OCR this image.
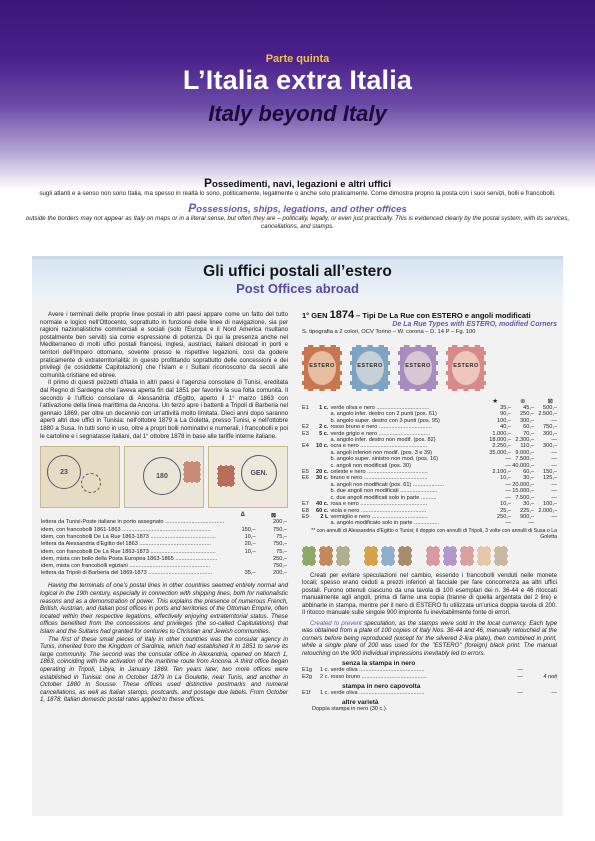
Parte quinta
L’Italia extra Italia
Italy beyond Italy
Possedimenti, navi, legazioni e altri uffici

sugli atlanti e a senso non sono Italia, ma spesso in realtà lo sono, politicamente, legalmente o anche solo praticamente. Come dimostra proprio la posta con i suoi servizi, bolli e francobolli.

Possessions, ships, legations, and other offices

outside the borders may not appear as Italy on maps or in a literal sense, but often they are – politically, legally, or even just practically. This is evidenced clearly by the postal system, with its services, cancellations, and stamps.

Gli uffici postali all’estero
Post Offices abroad

Avere i terminali delle proprie linee postali in altri paesi appare come un fatto del tutto normale e logico nell'Ottocento, soprattutto in funzione delle linee di navigazione, sia per ragioni nazionalistiche commerciali e sociali (solo l'Europa e il Nord America risultano postalmente ben serviti) sia come espressione di potenza. Di qui la presenza anche nel Mediterraneo di molti uffici postali francesi, inglesi, austriaci, italiani dislocati in porti e territori dell'Impero ottomano, sovente presso le rispettive legazioni, così da godere praticamente di extraterritorialità: in questo profittando soprattutto delle concessioni e dei privilegi (le cosiddette Capitolazioni) che l'Islam e i Sultani riconoscono da secoli alle comunità cristiane ed ebree.

Il primo di questi pezzetti d'Italia in altri paesi è l'agenzia consolare di Tunisi, ereditata dal Regno di Sardegna che l'aveva aperta fin dal 1851 per favorire la sua folta comunità. Il secondo è l'ufficio consolare di Alessandria d'Egitto, aperto il 1° marzo 1863 con l'attivazione della linea marittima da Ancona. Un terzo apre i battenti a Tripoli di Barberia nel gennaio 1869, per oltre un decennio con un'attività molto limitata. Dieci anni dopo saranno aperti altri due uffici in Tunisia: nell'ottobre 1879 a La Goletta, presso Tunisi, e nell'ottobre 1880 a Susa. In tutti sono in uso, oltre a propri bolli nominativi e numerali, i francobolli e poi le cartoline e i segnatasse italiani, dal 1° ottobre 1878 in base alle tariffe interne italiane.

23
180	GEN.
Δ	⊠
lettera da Tunisi-Poste italiane in porto assegnato ......................................		200,–
idem, con francobolli 1861-1863 .........................................................	150,–	750,–
idem, con francobolli De La Rue 1863-1873 ..........................................	10,–	75,–
lettera da Alessandria d'Egitto del 1863 ..............................................	20,–	750,–
idem, con francobolli De La Rue 1863-1873 ..........................................	10,–	75,–
idem, mista con bollo della Posta Europea 1863-1865 ...........................		250,–
idem, mista con francobolli egiziani ....................................................		750,–
lettera da Tripoli di Barberia del 1869-1873 .........................................	35,–	200,–

Having the terminals of one's postal lines in other countries seemed entirely normal and logical in the 19th century, especially in connection with shipping lines, both for nationalistic reasons and as a demonstration of power. This explains the presence of numerous French, British, Austrian, and Italian post offices in ports and territories of the Ottoman Empire, often located within their respective legations, effectively enjoying extraterritorial status. These offices benefited from the concessions and privileges (the so-called Capitulations) that Islam and the Sultans had granted for centuries to Christian and Jewish communities.

The first of these small pieces of Italy in other countries was the consular agency in Tunis, inherited from the Kingdom of Sardinia, which had established it in 1851 to serve its large community. The second was the consular office in Alexandria, opened on March 1, 1863, coinciding with the activation of the maritime route from Ancona. A third office began operating in Tripoli, Libya, in January 1869. Ten years later, two more offices were established in Tunisia: one in October 1879 in La Goulette, near Tunis, and another in October 1880 in Sousse. These offices used distinctive postmarks and numeral cancellations, as well as Italian stamps, postcards, and postage due labels. From October 1, 1878, Italian domestic postal rates applied to these offices.

1° GEN 1874 – Tipi De La Rue con ESTERO e angoli modificati
De La Rue Types with ESTERO, modified Corners
S. tipografia a 2 colori, OCV Torino – W. corona – D. 14 P – Fg. 100
ESTERO	ESTERO	ESTERO	ESTERO
★	⊛	⊠
E1	1 c.	verde oliva e nero ..................................	35,–	45,–	500,–
		a. angolo infer. destro con 2 punti (pos. 61)	90,–	250,–	2.500,–
		b. angolo super. destro con 3 punti (pos. 95)	100,–	300,–	—
E2	2 c.	rosso bruno e nero ..................................	40,–	60,–	750,–
E3	5 c.	verde grigio e nero .................................	1.000,–	70,–	300,–
		a. angolo infer. destro non modif. (pos. 82)	18.000,–	2.300,–	—
E4	10 c.	ocra e nero ...........................................	2.250,–	110,–	300,–
		a. angoli inferiori non modif. (pos. 3 e 39)	35.000,–	9.000,–	—
		b. angolo super. sinistro non mod. (pos. 16)	—	7.500,–	—
		c. angoli non modificati (pos. 30)	—	40.000,–	—
E5	20 c.	celeste e nero .......................................	2.100,–	60,–	150,–
E6	30 c.	bruno e nero .........................................	10,–	30,–	125,–
		a. angoli non modificati (pos. 61) ....................	—	20.000,–	—
		b. due angoli non modificati ........................	—	15.000,–	—
		c. due angoli modificati solo in parte ..........	—	7.500,–	—
E7	40 c.	rosa e nero ...........................................	10,–	30,–	100,–
E8	60 c.	viola e nero ..........................................	25,–	225,–	2.000,–
E9	2 L	vermiglio e nero ....................................	250,–	900,–	—
		a. angolo modificato solo in parte ................	—	—	
** con annulli di Alessandria d'Egitto o Tunisi; il doppio con annulli di Tripoli, 3 volte con annulli di Susa o La Goletta

Creati per evitare speculazioni nel cambio, essendo i francobolli venduti nelle monete locali; spesso erano ceduti a prezzi inferiori al facciale per fare concorrenza aa altri uffici postali. Furono ottenuti ciascuno da una tavola di 100 esemplari dei n. 36-44 e 46 ritoccati manualmente agli angoli, prima di farne una copia (tranne di quella argentata del 2 lire) e abbinarle in stampa, mentre per il nero di ESTERO fu utilizzata un'unica doppia tavola di 200. Il ritocco manuale sulle singole 900 impronte fu inevitabilmente fonte di errori.

Created to prevent speculation, as the stamps were sold in the local currency. Each type was obtained from a plate of 100 copies of Italy Nos. 36-44 and 46, manually retouched at the corners before being reproduced (except for the silvered 2-lira plate), then combined in print, while a single plate of 200 was used for the "ESTERO" (foreign) black print. The manual retouching on the 900 individual impressions inevitably led to errors.

senza la stampa in nero
E1g	1 c. verde oliva ..........................................	—	
E2g	2 c. rosso bruno ..........................................	—	4 noti
stampa in nero capovolta
E1f	1 c. verde oliva ..........................................	—	—
altre varietà
Doppia stampa in nero (30 c.).
